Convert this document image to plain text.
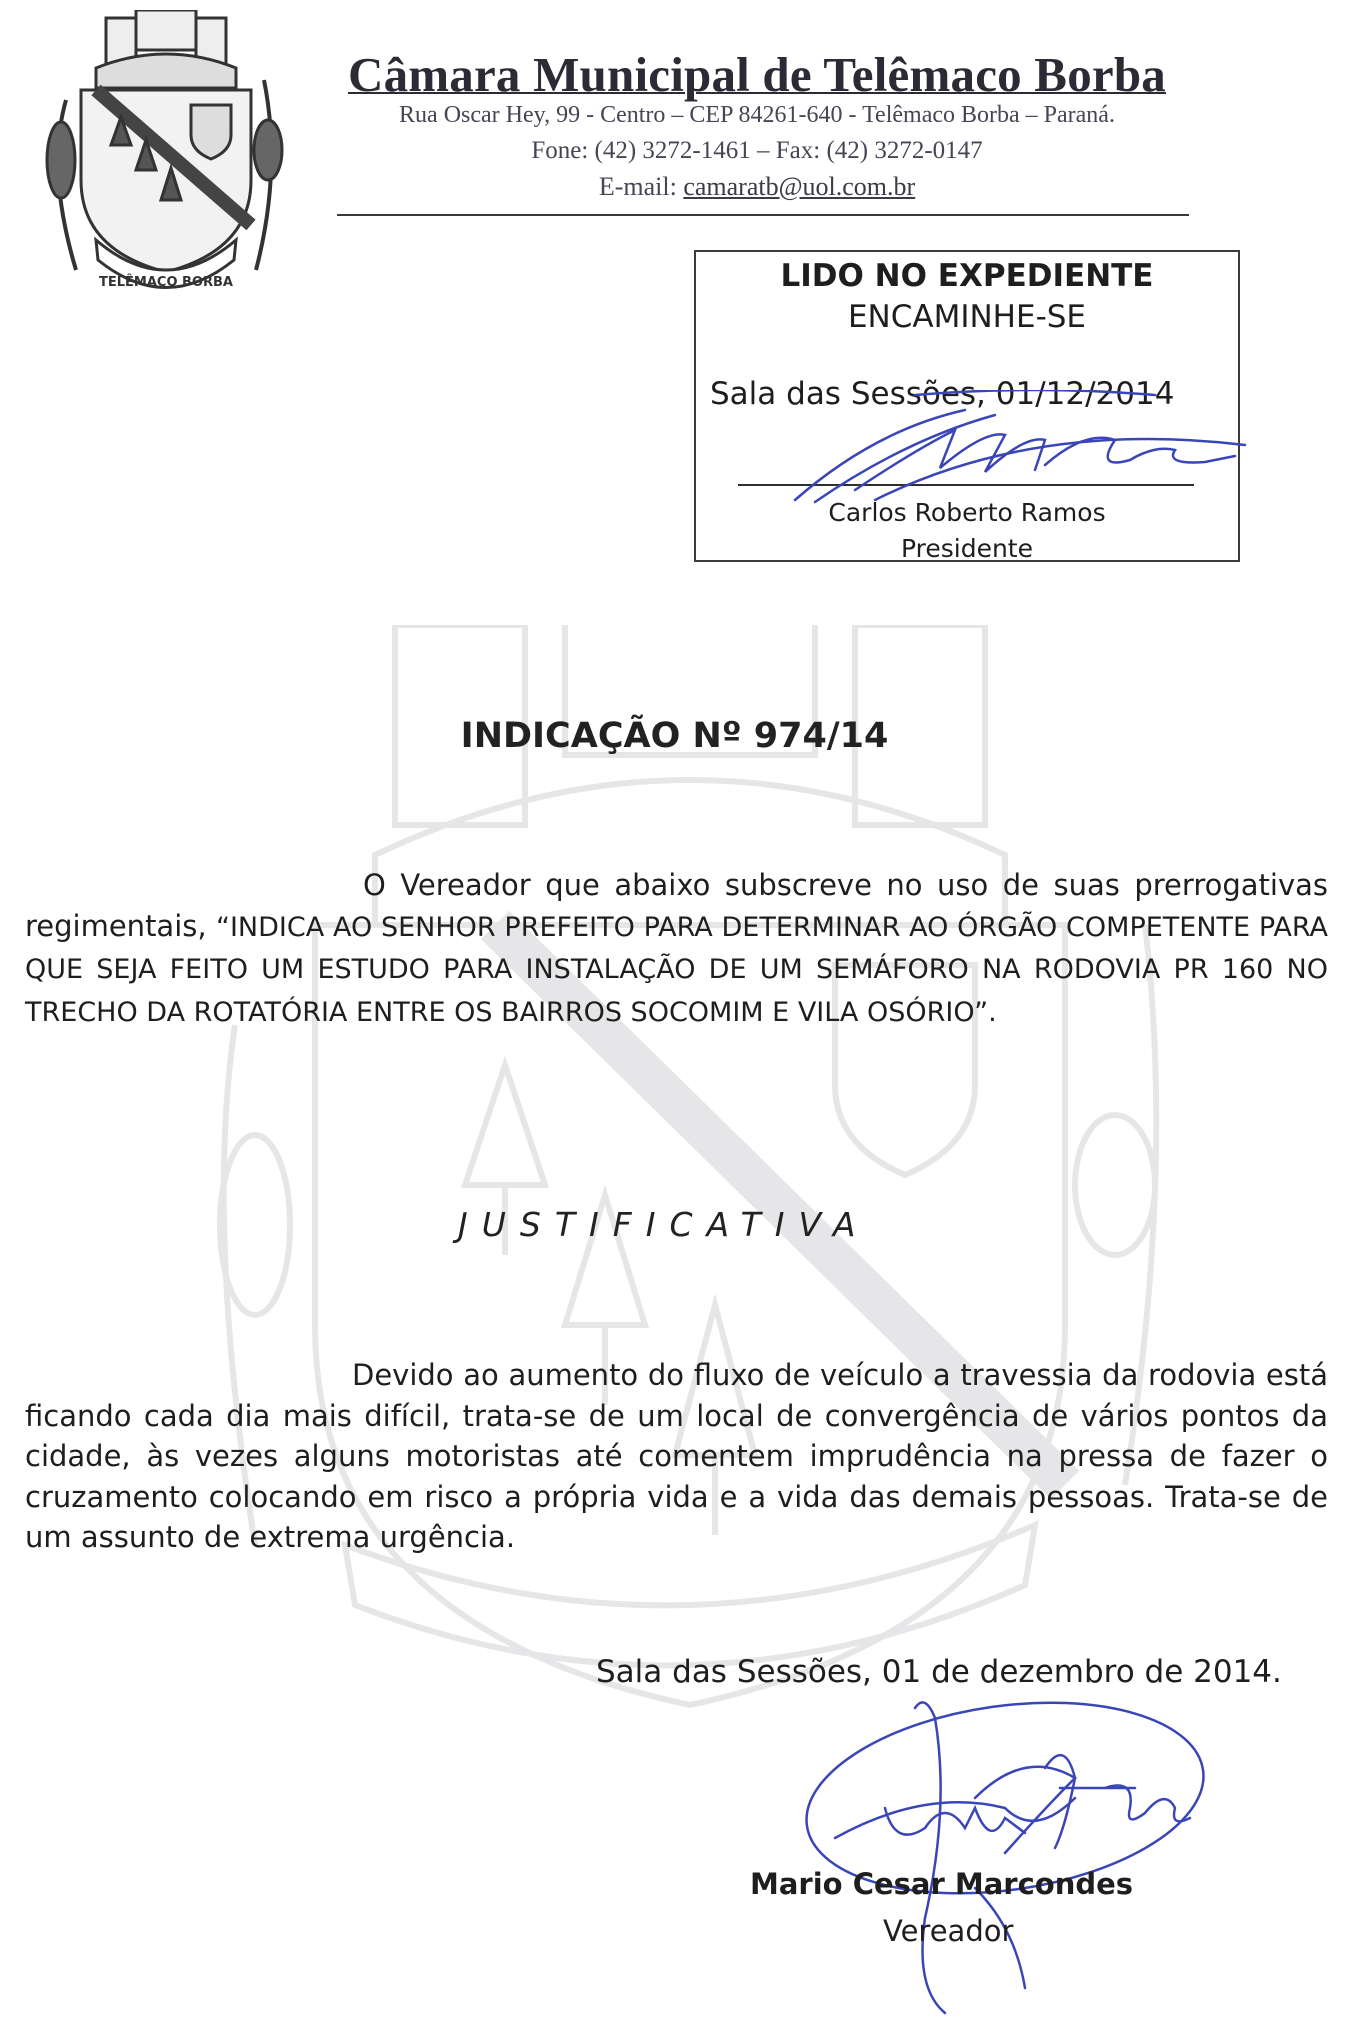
TELÊMACO BORBA
Câmara Municipal de Telêmaco Borba
Rua Oscar Hey, 99 - Centro – CEP 84261-640 - Telêmaco Borba – Paraná.
Fone: (42) 3272-1461 – Fax: (42) 3272-0147
E-mail: camaratb@uol.com.br
LIDO NO EXPEDIENTE
ENCAMINHE-SE
Sala das Sessões, 01/12/2014
Carlos Roberto Ramos
Presidente
INDICAÇÃO Nº 974/14
O Vereador que abaixo subscreve no uso de suas prerrogativas regimentais, “INDICA AO SENHOR PREFEITO PARA DETERMINAR AO ÓRGÃO COMPETENTE PARA QUE SEJA FEITO UM ESTUDO PARA INSTALAÇÃO DE UM SEMÁFORO NA RODOVIA PR 160 NO TRECHO DA ROTATÓRIA ENTRE OS BAIRROS SOCOMIM E VILA OSÓRIO”.
JUSTIFICATIVA
Devido ao aumento do fluxo de veículo a travessia da rodovia está ficando cada dia mais difícil, trata-se de um local de convergência de vários pontos da cidade, às vezes alguns motoristas até comentem imprudência na pressa de fazer o cruzamento colocando em risco a própria vida e a vida das demais pessoas. Trata-se de um assunto de extrema urgência.
Sala das Sessões, 01 de dezembro de 2014.
Mario Cesar Marcondes
Vereador
